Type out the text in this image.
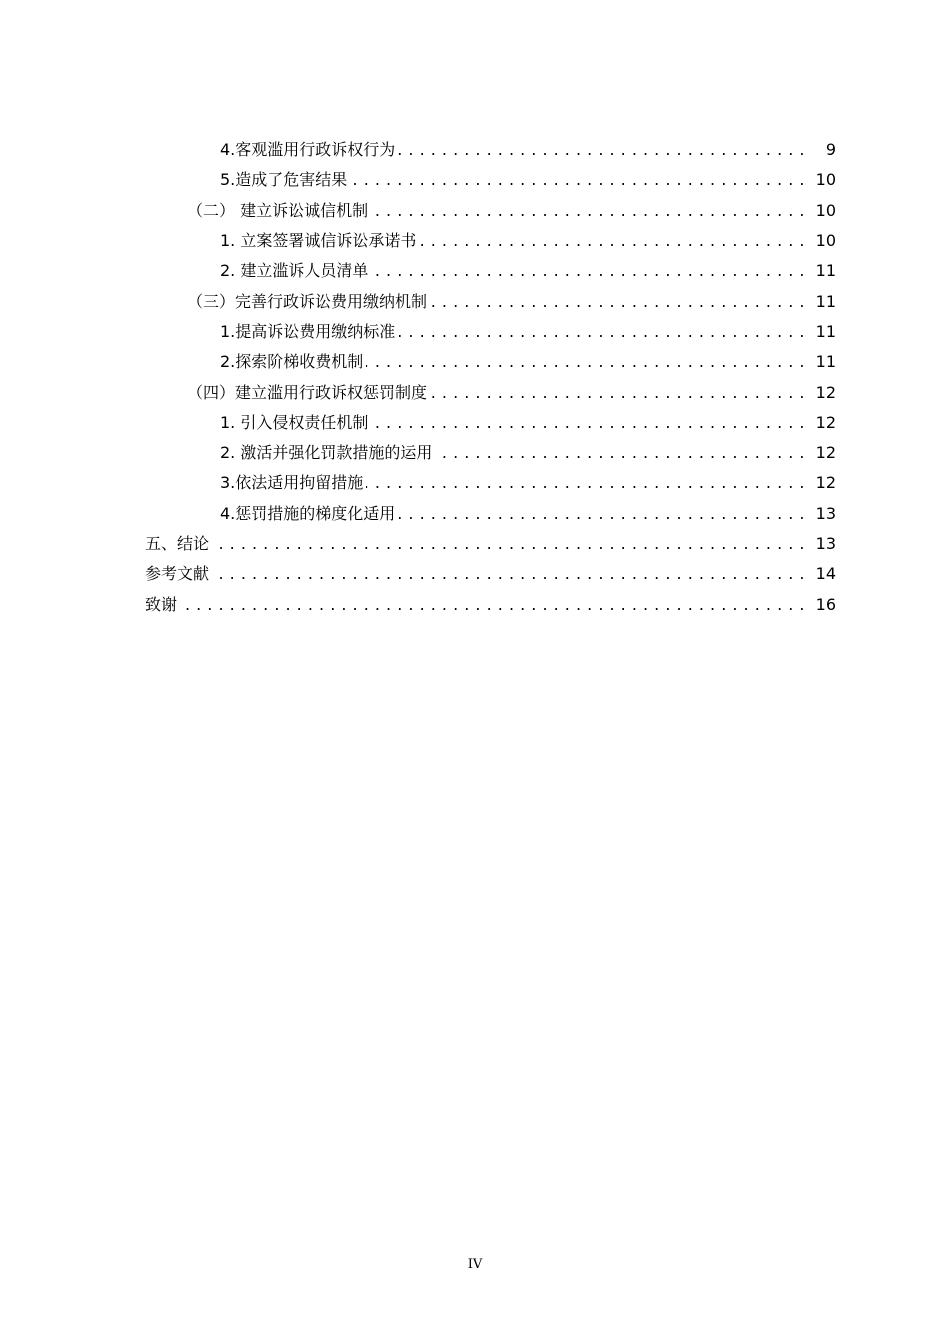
4.客观滥用行政诉权行为 . . .	9
5.造成了危害结果 . . .	10
（二） 建立诉讼诚信机制 . . .	10
1. 立案签署诚信诉讼承诺书 . . .	10
2. 建立滥诉人员清单 . . .	11
（三）完善行政诉讼费用缴纳机制 . . .	11
1.提高诉讼费用缴纳标准 . . .	11
2.探索阶梯收费机制 . . .	11
（四）建立滥用行政诉权惩罚制度 . . .	12
1. 引入侵权责任机制 . . .	12
2. 激活并强化罚款措施的运用 . . .	12
3.依法适用拘留措施 . . .	12
4.惩罚措施的梯度化适用 . . .	13
五、结论 . . .	13
参考文献 . . .	14
致谢 . . .	16
IV
